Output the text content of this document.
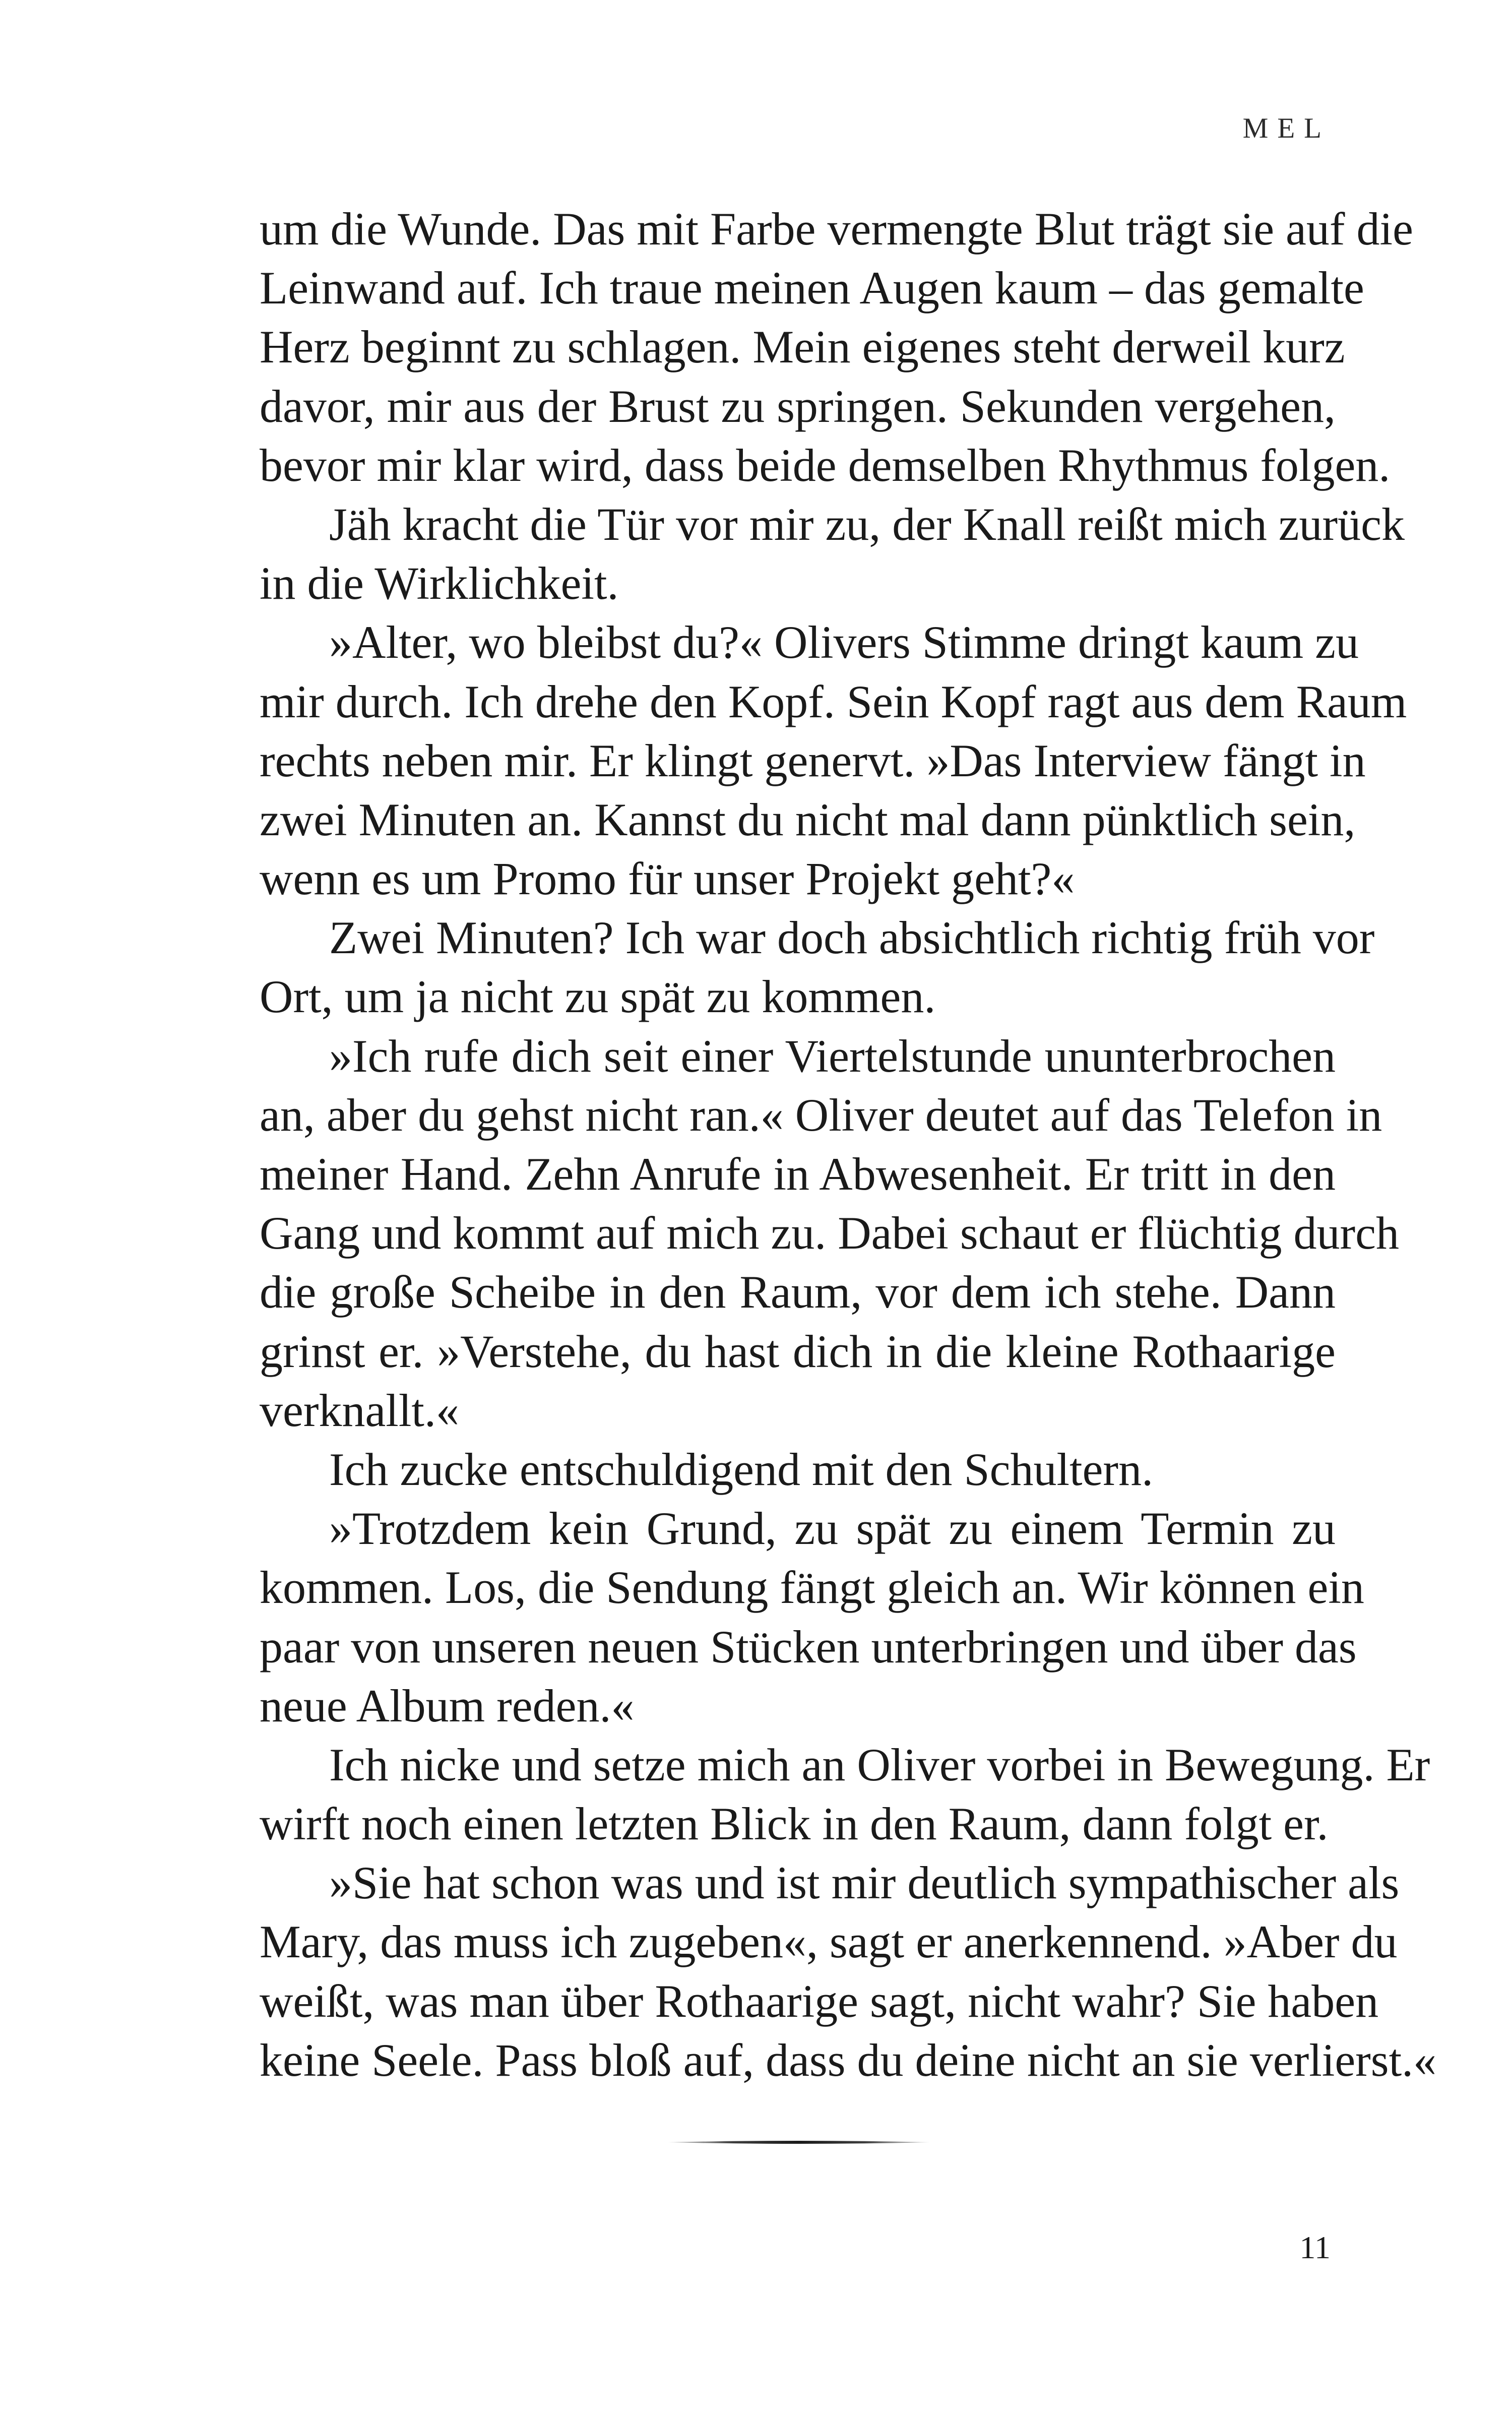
MEL
um die Wunde. Das mit Farbe vermengte Blut trägt sie auf die
Leinwand auf. Ich traue meinen Augen kaum – das gemalte
Herz beginnt zu schlagen. Mein eigenes steht derweil kurz
davor, mir aus der Brust zu springen. Sekunden vergehen,
bevor mir klar wird, dass beide demselben Rhythmus folgen.
Jäh kracht die Tür vor mir zu, der Knall reißt mich zurück
in die Wirklichkeit.
»Alter, wo bleibst du?« Olivers Stimme dringt kaum zu
mir durch. Ich drehe den Kopf. Sein Kopf ragt aus dem Raum
rechts neben mir. Er klingt genervt. »Das Interview fängt in
zwei Minuten an. Kannst du nicht mal dann pünktlich sein,
wenn es um Promo für unser Projekt geht?«
Zwei Minuten? Ich war doch absichtlich richtig früh vor
Ort, um ja nicht zu spät zu kommen.
»Ich rufe dich seit einer Viertelstunde ununterbrochen
an, aber du gehst nicht ran.« Oliver deutet auf das Telefon in
meiner Hand. Zehn Anrufe in Abwesenheit. Er tritt in den
Gang und kommt auf mich zu. Dabei schaut er flüchtig durch
die große Scheibe in den Raum, vor dem ich stehe. Dann
grinst er. »Verstehe, du hast dich in die kleine Rothaarige
verknallt.«
Ich zucke entschuldigend mit den Schultern.
»Trotzdem kein Grund, zu spät zu einem Termin zu
kommen. Los, die Sendung fängt gleich an. Wir können ein
paar von unseren neuen Stücken unterbringen und über das
neue Album reden.«
Ich nicke und setze mich an Oliver vorbei in Bewegung. Er
wirft noch einen letzten Blick in den Raum, dann folgt er.
»Sie hat schon was und ist mir deutlich sympathischer als
Mary, das muss ich zugeben«, sagt er anerkennend. »Aber du
weißt, was man über Rothaarige sagt, nicht wahr? Sie haben
keine Seele. Pass bloß auf, dass du deine nicht an sie verlierst.«
11
